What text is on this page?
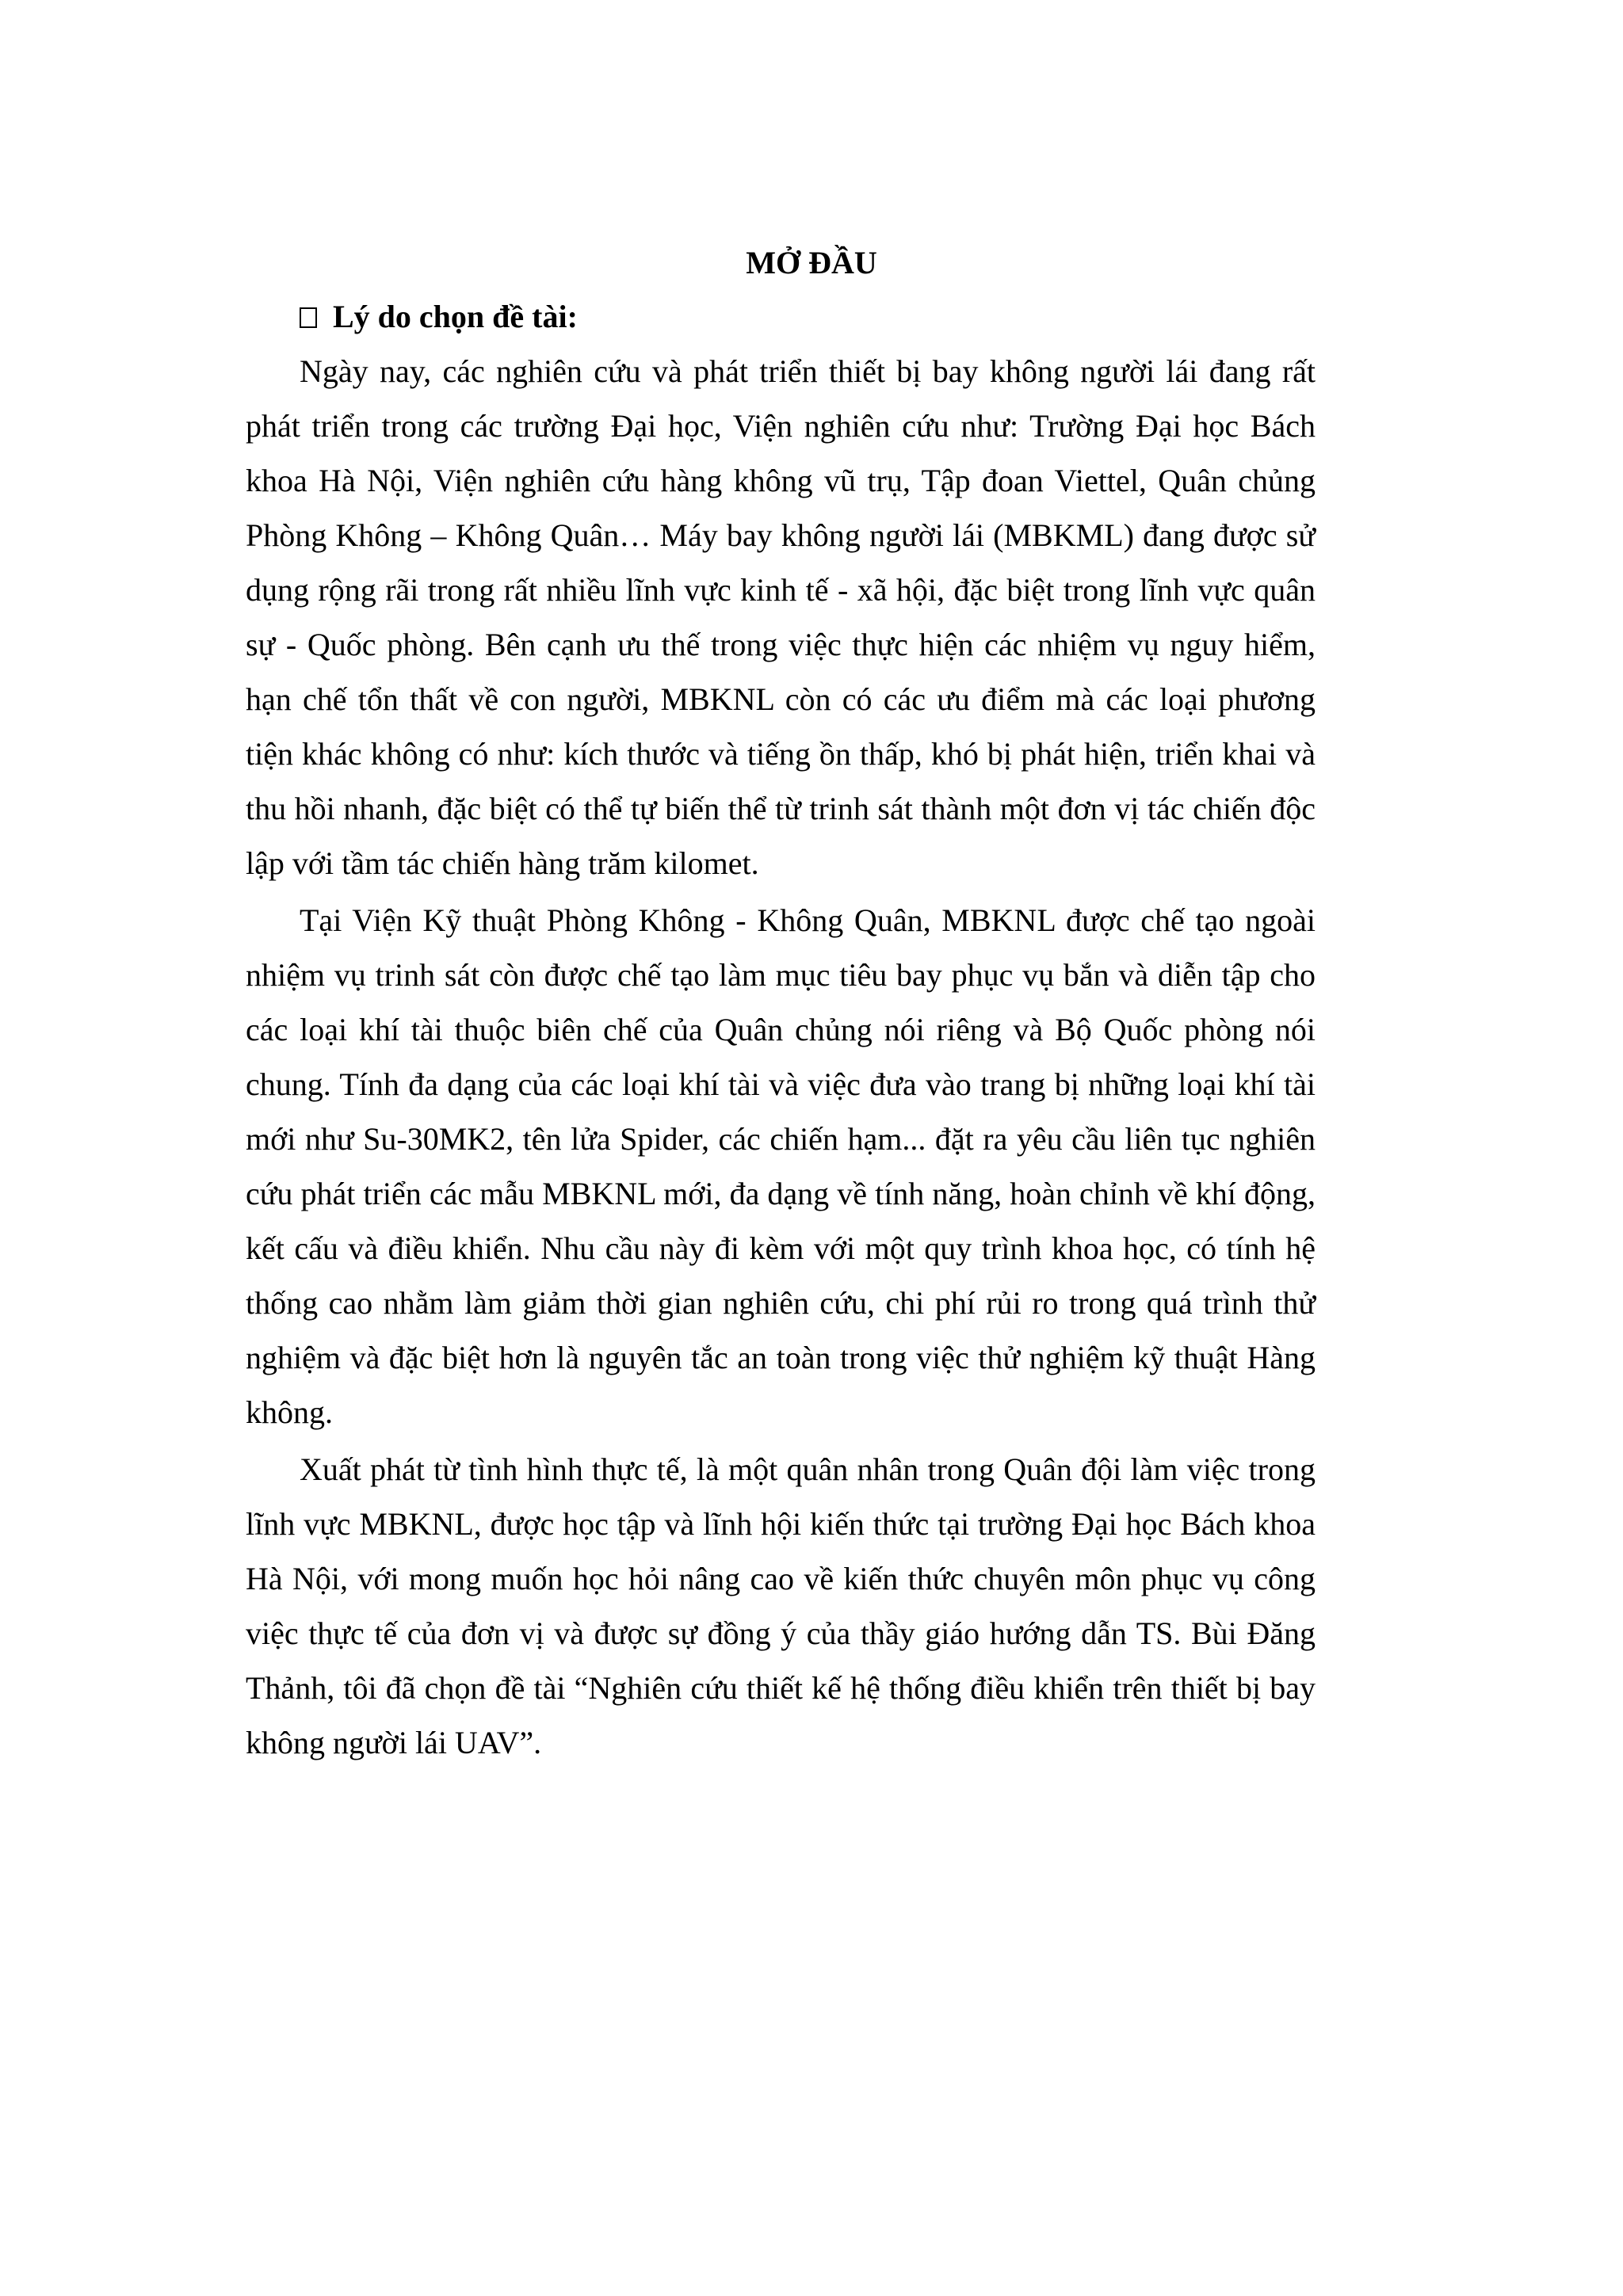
MỞ ĐẦU
Lý do chọn đề tài:

Ngày nay, các nghiên cứu và phát triển thiết bị bay không người lái đang rất phát triển trong các trường Đại học, Viện nghiên cứu như: Trường Đại học Bách khoa Hà Nội, Viện nghiên cứu hàng không vũ trụ, Tập đoan Viettel, Quân chủng Phòng Không – Không Quân… Máy bay không người lái (MBKML) đang được sử dụng rộng rãi trong rất nhiều lĩnh vực kinh tế - xã hội, đặc biệt trong lĩnh vực quân sự - Quốc phòng. Bên cạnh ưu thế trong việc thực hiện các nhiệm vụ nguy hiểm, hạn chế tổn thất về con người, MBKNL còn có các ưu điểm mà các loại phương tiện khác không có như: kích thước và tiếng ồn thấp, khó bị phát hiện, triển khai và thu hồi nhanh, đặc biệt có thể tự biến thể từ trinh sát thành một đơn vị tác chiến độc lập với tầm tác chiến hàng trăm kilomet.

Tại Viện Kỹ thuật Phòng Không - Không Quân, MBKNL được chế tạo ngoài nhiệm vụ trinh sát còn được chế tạo làm mục tiêu bay phục vụ bắn và diễn tập cho các loại khí tài thuộc biên chế của Quân chủng nói riêng và Bộ Quốc phòng nói chung. Tính đa dạng của các loại khí tài và việc đưa vào trang bị những loại khí tài mới như Su-30MK2, tên lửa Spider, các chiến hạm... đặt ra yêu cầu liên tục nghiên cứu phát triển các mẫu MBKNL mới, đa dạng về tính năng, hoàn chỉnh về khí động, kết cấu và điều khiển. Nhu cầu này đi kèm với một quy trình khoa học, có tính hệ thống cao nhằm làm giảm thời gian nghiên cứu, chi phí rủi ro trong quá trình thử nghiệm và đặc biệt hơn là nguyên tắc an toàn trong việc thử nghiệm kỹ thuật Hàng không.

Xuất phát từ tình hình thực tế, là một quân nhân trong Quân đội làm việc trong lĩnh vực MBKNL, được học tập và lĩnh hội kiến thức tại trường Đại học Bách khoa Hà Nội, với mong muốn học hỏi nâng cao về kiến thức chuyên môn phục vụ công việc thực tế của đơn vị và được sự đồng ý của thầy giáo hướng dẫn TS. Bùi Đăng Thảnh, tôi đã chọn đề tài “Nghiên cứu thiết kế hệ thống điều khiển trên thiết bị bay không người lái UAV”.
